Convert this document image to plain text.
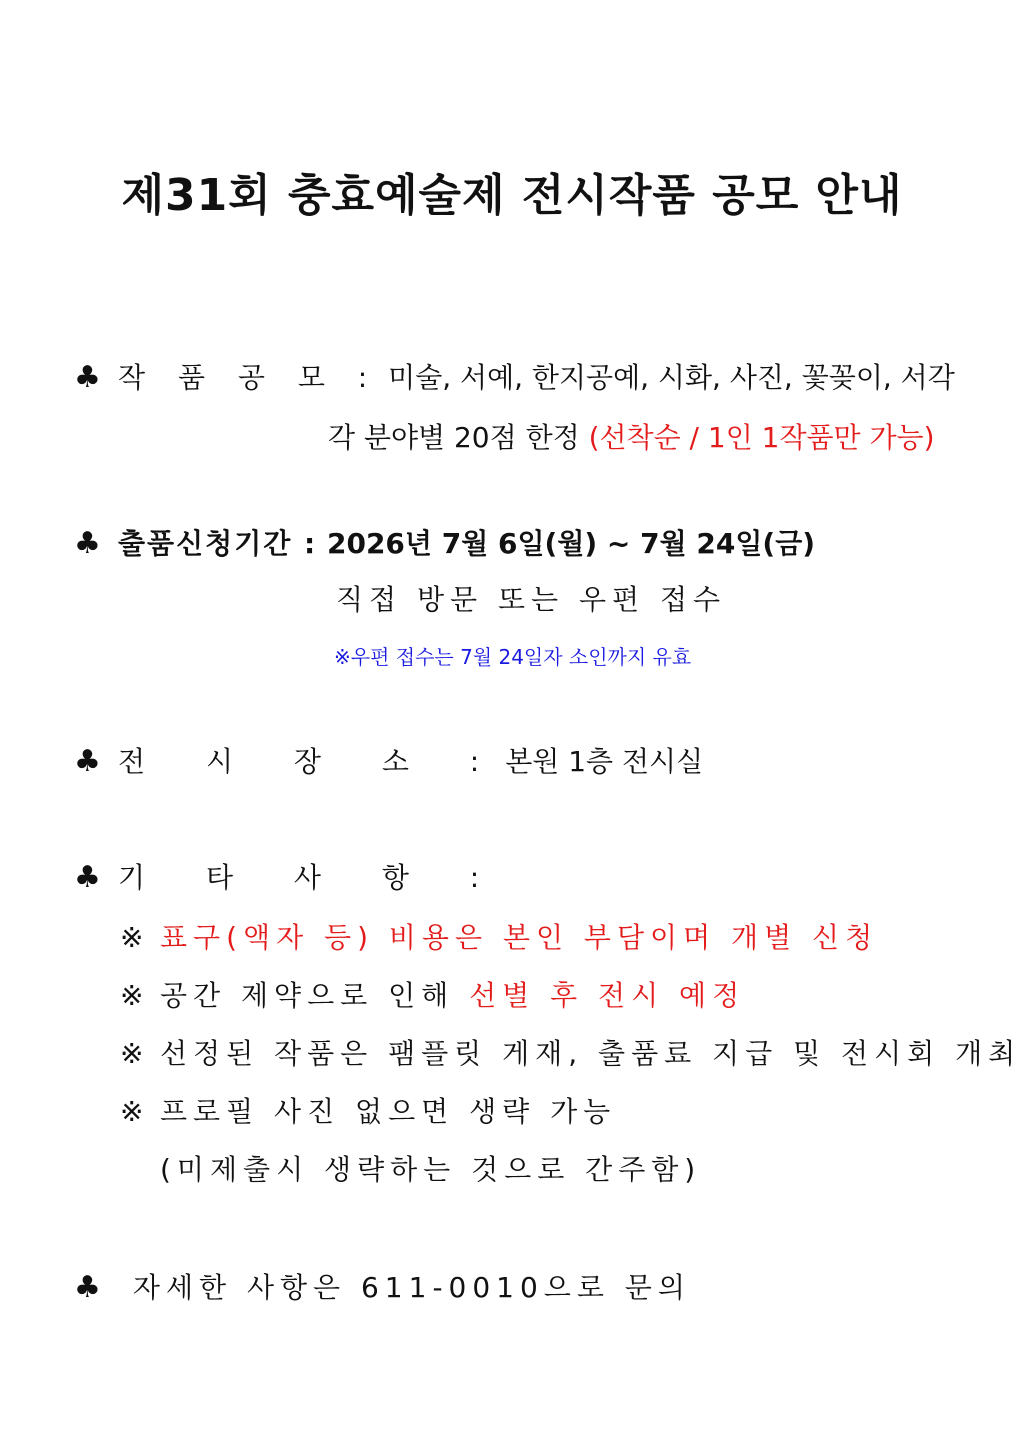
제31회 충효예술제 전시작품 공모 안내
♣ 작 품 공 모 : 미술, 서예, 한지공예, 시화, 사진, 꽃꽂이, 서각
각 분야별 20점 한정 (선착순 / 1인 1작품만 가능)
♣ 출품신청기간 : 2026년 7월 6일(월) ~ 7월 24일(금)
직접 방문 또는 우편 접수
※우편 접수는 7월 24일자 소인까지 유효
♣ 전 시 장 소 :본원 1층 전시실
♣ 기 타 사 항 :
※ 표구(액자 등) 비용은 본인 부담이며 개별 신청
※ 공간 제약으로 인해 선별 후 전시 예정
※ 선정된 작품은 팸플릿 게재, 출품료 지급 및 전시회 개최
※ 프로필 사진 없으면 생략 가능
(미제출시 생략하는 것으로 간주함)
♣ 자세한 사항은 611-0010으로 문의
